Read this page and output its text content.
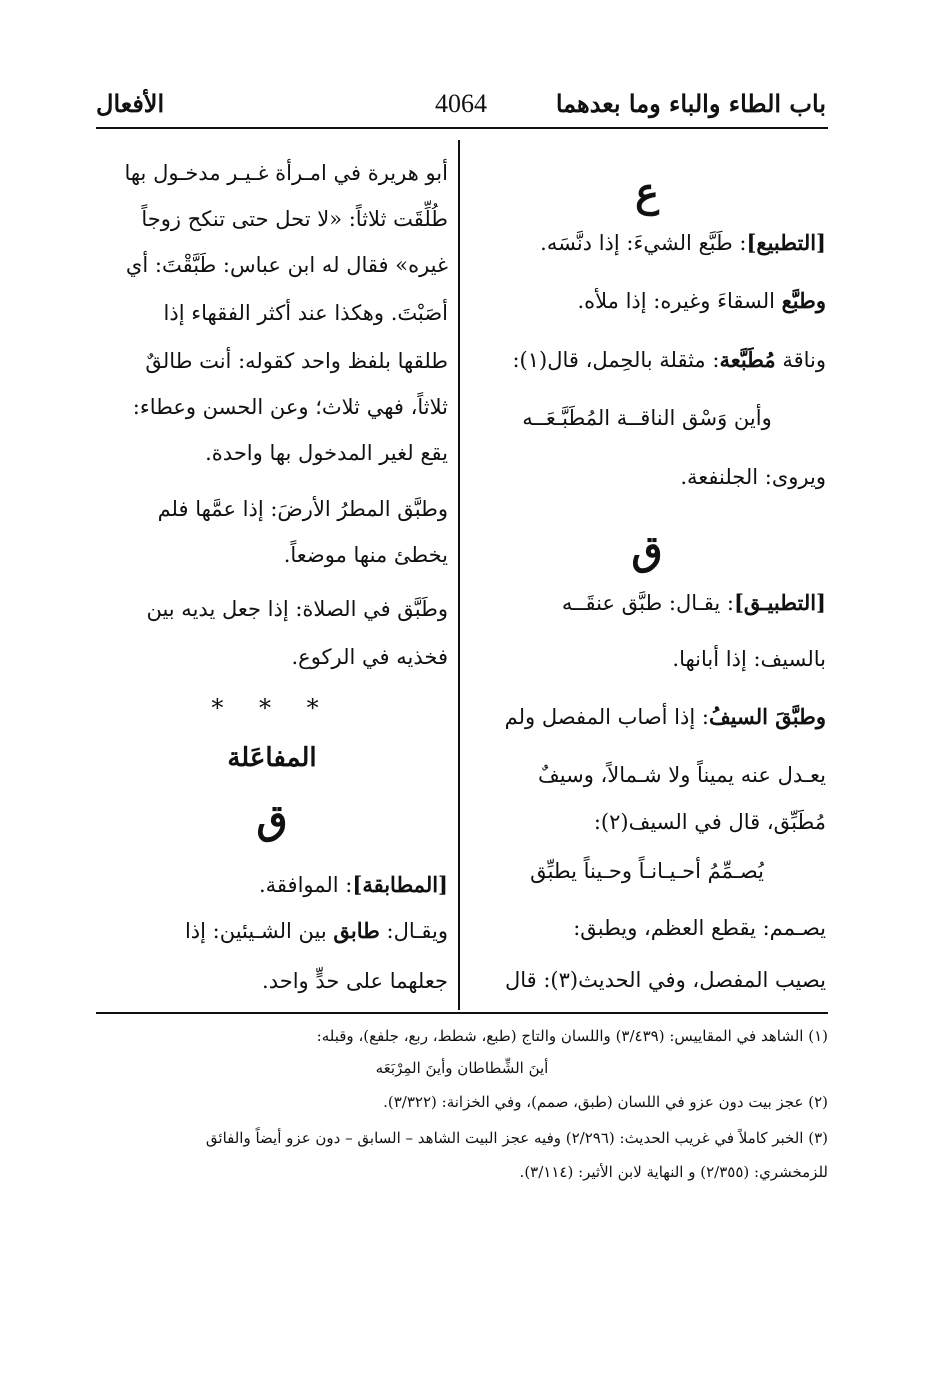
باب الطاء والباء وما بعدهما
4064
الأفعال
ع
[التطبيع]: طَبَّع الشيءَ: إذا دنَّسَه.
وطبَّع السقاءَ وغيره: إذا ملأه.
وناقة مُطَبَّعة: مثقلة بالحِمل، قال(١):
وأين وَسْق الناقــة المُطَبَّـعَــه
ويروى: الجلنفعة.
ق
[التطبيـق]: يقـال: طبَّق عنقَــه
بالسيف: إذا أبانها.
وطبَّقَ السيفُ: إذا أصاب المفصل ولم
يعـدل عنه يميناً ولا شـمالاً، وسيفٌ
مُطَبِّق، قال في السيف(٢):
يُصـمِّمُ أحـيـانـاً وحـيناً يطبِّق
يصـمم: يقطع العظم، ويطبق:
يصيب المفصل، وفي الحديث(٣): قال
أبو هريرة في امـرأة غـيـر مدخـول بها
طُلِّقَت ثلاثاً: «لا تحل حتى تنكح زوجاً
غيره» فقال له ابن عباس: طَبَّقْتَ: أي
أصَبْتَ. وهكذا عند أكثر الفقهاء إذا
طلقها بلفظ واحد كقوله: أنت طالقٌ
ثلاثاً، فهي ثلاث؛ وعن الحسن وعطاء:
يقع لغير المدخول بها واحدة.
وطبَّق المطرُ الأرضَ: إذا عمَّها فلم
يخطئ منها موضعاً.
وطَبَّق في الصلاة: إذا جعل يديه بين
فخذيه في الركوع.
* * *
المفاعَلة
ق
[المطابقة]: الموافقة.
ويقـال: طابق بين الشـيئين: إذا
جعلهما على حدٍّ واحد.
(١) الشاهد في المقاييس: (٣/٤٣٩) واللسان والتاج (طبع، شطط، ربع، جلفع)، وقبله:
أينَ الشِّطاطان وأينَ المِرْبَعَه
(٢) عجز بيت دون عزو في اللسان (طبق، صمم)، وفي الخزانة: (٣/٣٢٢).
(٣) الخبر كاملاً في غريب الحديث: (٢/٢٩٦) وفيه عجز البيت الشاهد – السابق – دون عزو أيضاً والفائق
للزمخشري: (٢/٣٥٥) و النهاية لابن الأثير: (٣/١١٤).
